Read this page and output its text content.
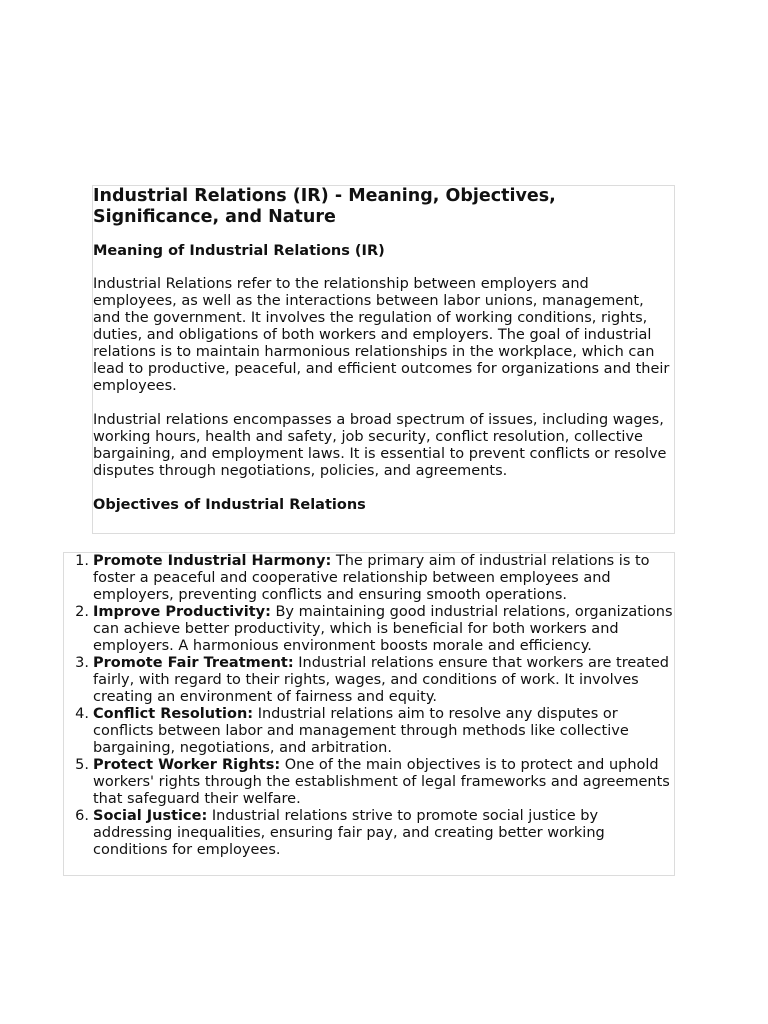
Industrial Relations (IR) - Meaning, Objectives, Significance, and Nature
Meaning of Industrial Relations (IR)

Industrial Relations refer to the relationship between employers and employees, as well as the interactions between labor unions, management, and the government. It involves the regulation of working conditions, rights, duties, and obligations of both workers and employers. The goal of industrial relations is to maintain harmonious relationships in the workplace, which can lead to productive, peaceful, and efficient outcomes for organizations and their employees.

Industrial relations encompasses a broad spectrum of issues, including wages, working hours, health and safety, job security, conflict resolution, collective bargaining, and employment laws. It is essential to prevent conflicts or resolve disputes through negotiations, policies, and agreements.

Objectives of Industrial Relations
1. Promote Industrial Harmony: The primary aim of industrial relations is to foster a peaceful and cooperative relationship between employees and employers, preventing conflicts and ensuring smooth operations.
2. Improve Productivity: By maintaining good industrial relations, organizations can achieve better productivity, which is beneficial for both workers and employers. A harmonious environment boosts morale and efficiency.
3. Promote Fair Treatment: Industrial relations ensure that workers are treated fairly, with regard to their rights, wages, and conditions of work. It involves creating an environment of fairness and equity.
4. Conflict Resolution: Industrial relations aim to resolve any disputes or conflicts between labor and management through methods like collective bargaining, negotiations, and arbitration.
5. Protect Worker Rights: One of the main objectives is to protect and uphold workers' rights through the establishment of legal frameworks and agreements that safeguard their welfare.
6. Social Justice: Industrial relations strive to promote social justice by addressing inequalities, ensuring fair pay, and creating better working conditions for employees.
